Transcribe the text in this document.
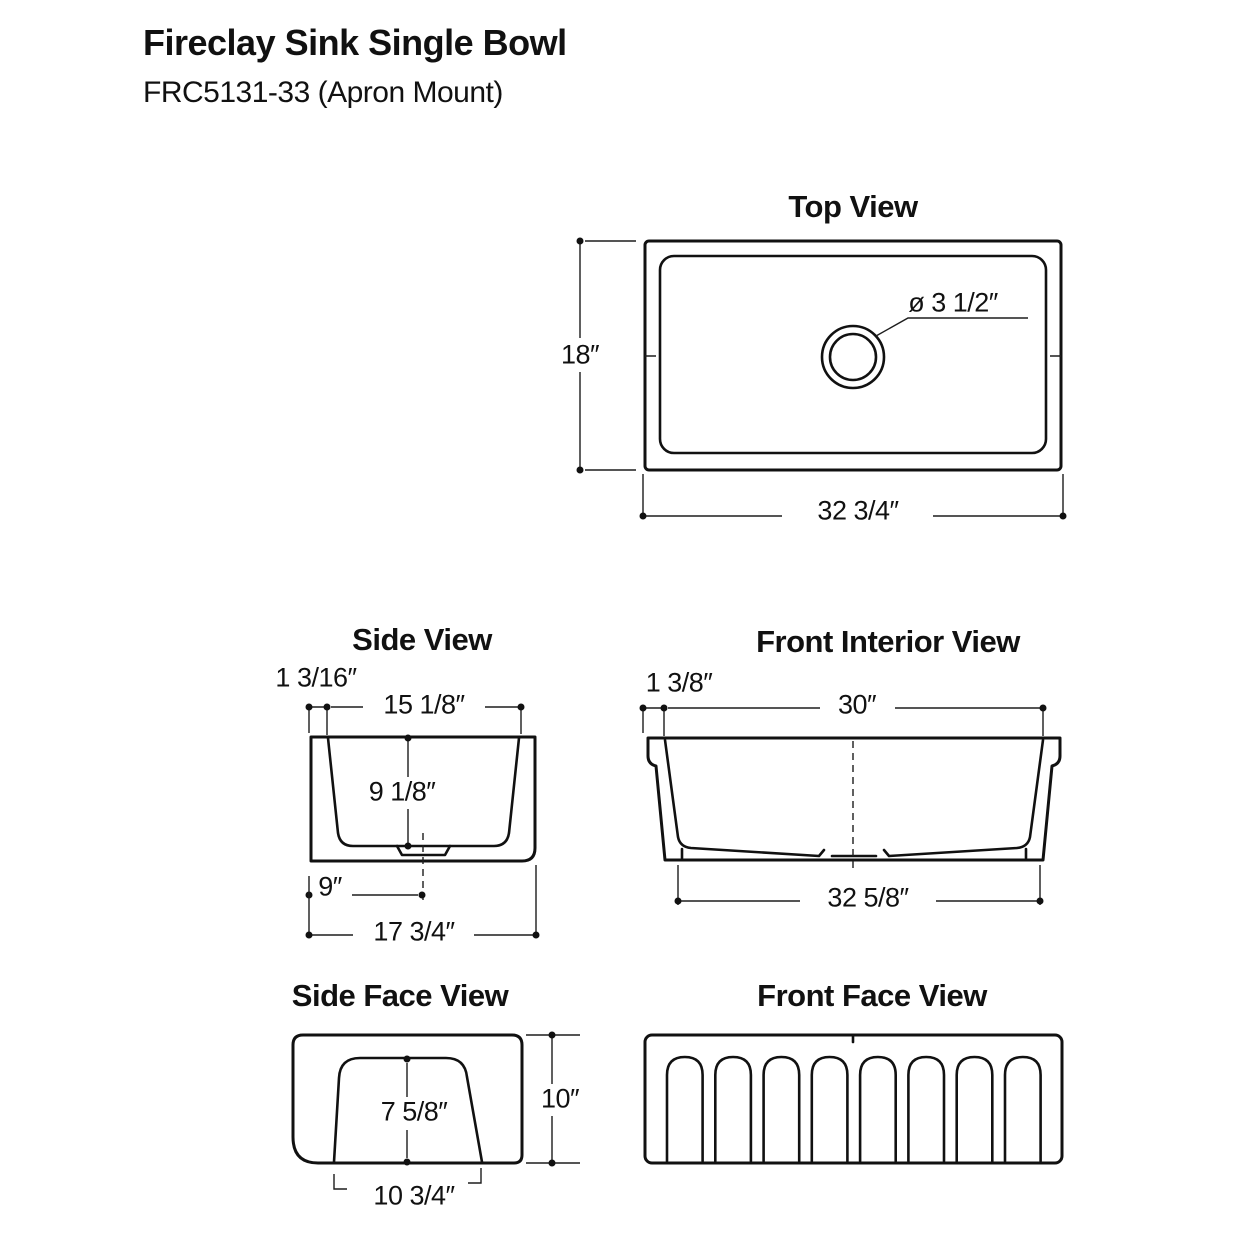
Fireclay Sink Single Bowl
FRC5131-33 (Apron Mount)
Top View
Side View	Front Interior View
Side Face View	Front Face View
18″
32 3/4″
ø 3 1/2″
1 3/16″
15 1/8″
9 1/8″
9″
17 3/4″
1 3/8″
30″
32 5/8″
7 5/8″	10″
10 3/4″
